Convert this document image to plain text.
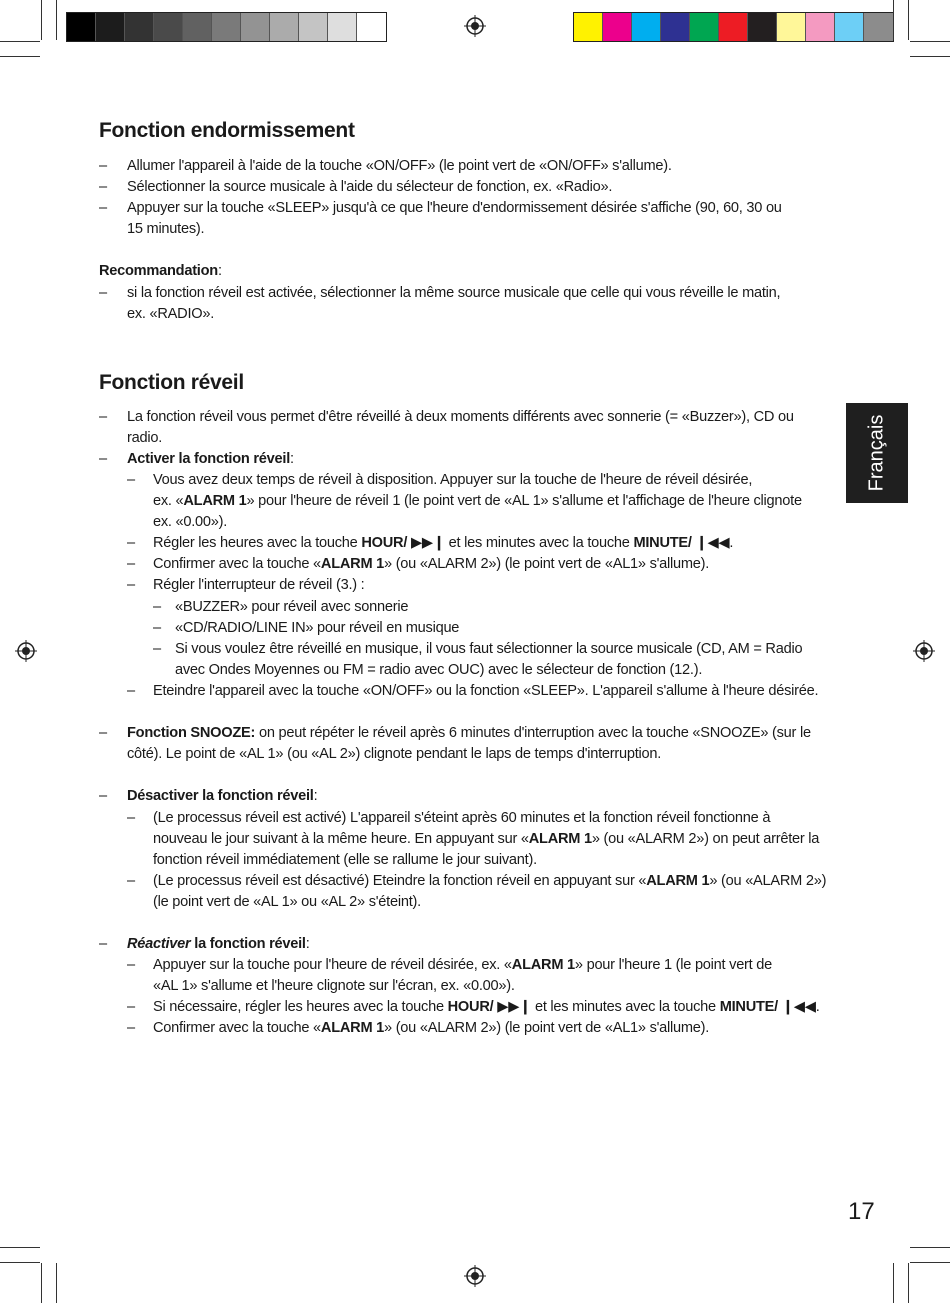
Français
Fonction endormissement
– Allumer l'appareil à l'aide de la touche «ON/OFF» (le point vert de «ON/OFF» s'allume).
– Sélectionner la source musicale à l'aide du sélecteur de fonction, ex. «Radio».
– Appuyer sur la touche «SLEEP» jusqu'à ce que l'heure d'endormissement désirée s'affiche (90, 60, 30 ou
15 minutes).
Recommandation:
– si la fonction réveil est activée, sélectionner la même source musicale que celle qui vous réveille le matin,
ex. «RADIO».
Fonction réveil
– La fonction réveil vous permet d'être réveillé à deux moments différents avec sonnerie (= «Buzzer»), CD ou
radio.
– Activer la fonction réveil:
– Vous avez deux temps de réveil à disposition. Appuyer sur la touche de l'heure de réveil désirée,
ex. «ALARM 1» pour l'heure de réveil 1 (le point vert de «AL 1» s'allume et l'affichage de l'heure clignote
ex. «0.00»).
– Régler les heures avec la touche HOUR/ ▶▶❙ et les minutes avec la touche MINUTE/ ❙◀◀.
– Confirmer avec la touche «ALARM 1» (ou «ALARM 2») (le point vert de «AL1» s'allume).
– Régler l'interrupteur de réveil (3.) :
– «BUZZER» pour réveil avec sonnerie
– «CD/RADIO/LINE IN» pour réveil en musique
– Si vous voulez être réveillé en musique, il vous faut sélectionner la source musicale (CD, AM = Radio
avec Ondes Moyennes ou FM = radio avec OUC) avec le sélecteur de fonction (12.).
– Eteindre l'appareil avec la touche «ON/OFF» ou la fonction «SLEEP». L'appareil s'allume à l'heure désirée.
– Fonction SNOOZE: on peut répéter le réveil après 6 minutes d'interruption avec la touche «SNOOZE» (sur le
côté). Le point de «AL 1» (ou «AL 2») clignote pendant le laps de temps d'interruption.
– Désactiver la fonction réveil:
– (Le processus réveil est activé) L'appareil s'éteint après 60 minutes et la fonction réveil fonctionne à
nouveau le jour suivant à la même heure. En appuyant sur «ALARM 1» (ou «ALARM 2») on peut arrêter la
fonction réveil immédiatement (elle se rallume le jour suivant).
– (Le processus réveil est désactivé) Eteindre la fonction réveil en appuyant sur «ALARM 1» (ou «ALARM 2»)
(le point vert de «AL 1» ou «AL 2» s'éteint).
– Réactiver la fonction réveil:
– Appuyer sur la touche pour l'heure de réveil désirée, ex. «ALARM 1» pour l'heure 1 (le point vert de
«AL 1» s'allume et l'heure clignote sur l'écran, ex. «0.00»).
– Si nécessaire, régler les heures avec la touche HOUR/ ▶▶❙ et les minutes avec la touche MINUTE/ ❙◀◀.
– Confirmer avec la touche «ALARM 1» (ou «ALARM 2») (le point vert de «AL1» s'allume).
17
